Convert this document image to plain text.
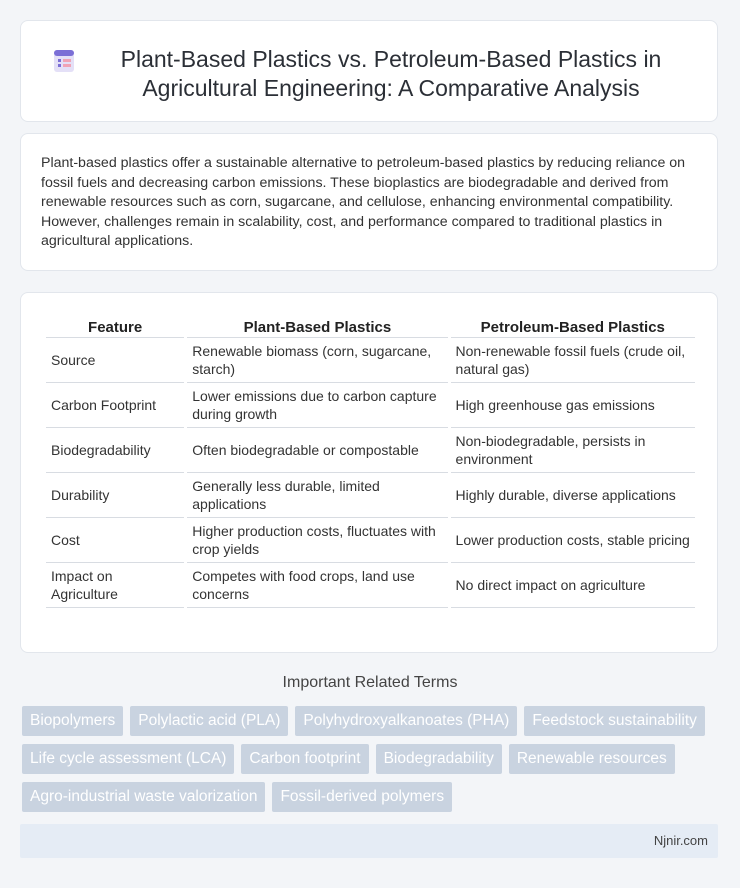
Plant-Based Plastics vs. Petroleum-Based Plastics in Agricultural Engineering: A Comparative Analysis

Plant-based plastics offer a sustainable alternative to petroleum-based plastics by reducing reliance on fossil fuels and decreasing carbon emissions. These bioplastics are biodegradable and derived from renewable resources such as corn, sugarcane, and cellulose, enhancing environmental compatibility. However, challenges remain in scalability, cost, and performance compared to traditional plastics in agricultural applications.

Feature	Plant-Based Plastics	Petroleum-Based Plastics
Source	Renewable biomass (corn, sugarcane, starch)	Non-renewable fossil fuels (crude oil, natural gas)
Carbon Footprint	Lower emissions due to carbon capture during growth	High greenhouse gas emissions
Biodegradability	Often biodegradable or compostable	Non-biodegradable, persists in environment
Durability	Generally less durable, limited applications	Highly durable, diverse applications
Cost	Higher production costs, fluctuates with crop yields	Lower production costs, stable pricing
Impact on Agriculture	Competes with food crops, land use concerns	No direct impact on agriculture
Important Related Terms
Biopolymers	Polylactic acid (PLA)	Polyhydroxyalkanoates (PHA)	Feedstock sustainability
Life cycle assessment (LCA)	Carbon footprint	Biodegradability	Renewable resources
Agro-industrial waste valorization	Fossil-derived polymers
Njnir.com
